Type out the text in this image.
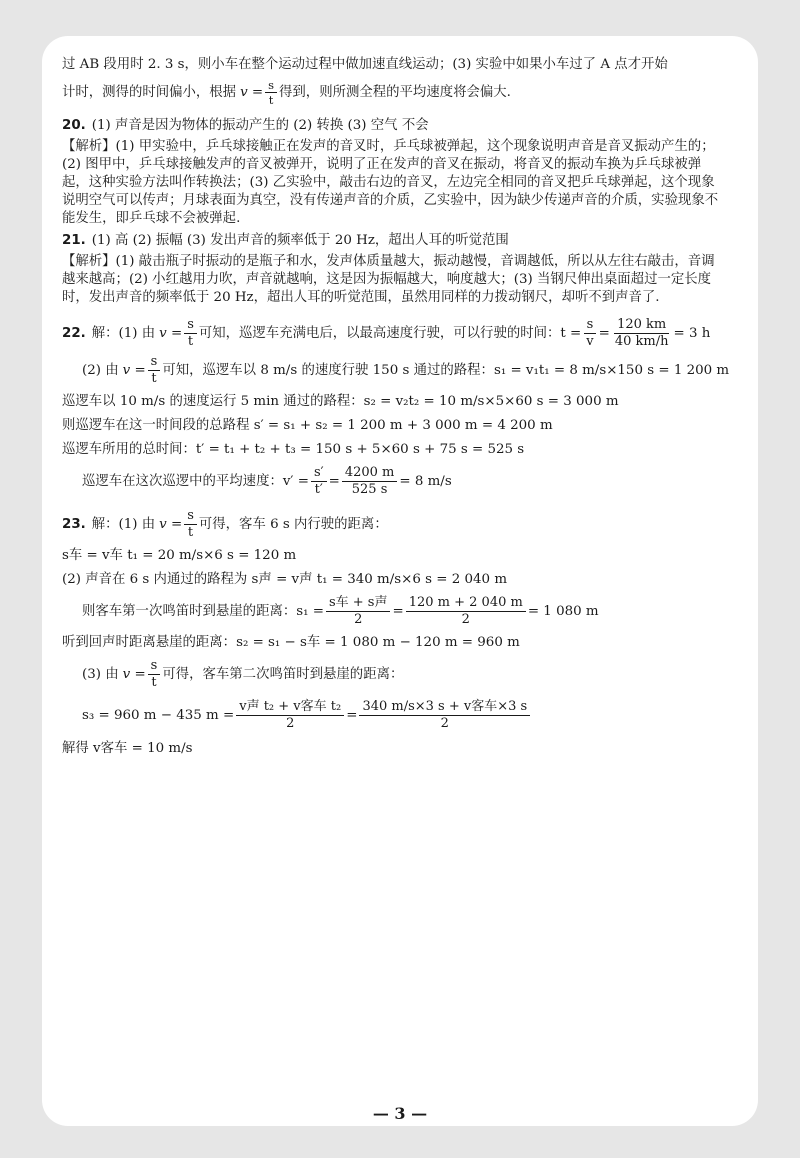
过 AB 段用时 2. 3 s，则小车在整个运动过程中做加速直线运动；(3) 实验中如果小车过了 A 点才开始

计时，测得的时间偏小，根据 $v = \frac{s}{t}$ 得到，则所测全程的平均速度将会偏大.

20. (1) 声音是因为物体的振动产生的 (2) 转换 (3) 空气 不会

【解析】(1) 甲实验中，乒乓球接触正在发声的音叉时，乒乓球被弹起，这个现象说明声音是音叉振动产生的；(2) 图甲中，乒乓球接触发声的音叉被弹开，说明了正在发声的音叉在振动，将音叉的振动车换为乒乓球被弹起，这种实验方法叫作转换法；(3) 乙实验中，敲击右边的音叉，左边完全相同的音叉把乒乓球弹起，这个现象说明空气可以传声；月球表面为真空，没有传递声音的介质，乙实验中，因为缺少传递声音的介质，实验现象不能发生，即乒乓球不会被弹起.

21. (1) 高 (2) 振幅 (3) 发出声音的频率低于 20 Hz，超出人耳的听觉范围

【解析】(1) 敲击瓶子时振动的是瓶子和水，发声体质量越大，振动越慢，音调越低，所以从左往右敲击，音调越来越高；(2) 小红越用力吹，声音就越响，这是因为振幅越大，响度越大；(3) 当钢尺伸出桌面超过一定长度时，发出声音的频率低于 20 Hz，超出人耳的听觉范围，虽然用同样的力拨动钢尺，却听不到声音了.

22. 解：(1) 由 $v = \frac{s}{t}$ 可知，巡逻车充满电后，以最高速度行驶，可以行驶的时间：$t = \frac{s}{v} = \frac{120 km}{40 km/h} = 3$ h
(2) 由 $v = \frac{s}{t}$ 可知，巡逻车以 8 m/s 的速度行驶 150 s 通过的路程：s₁ = v₁t₁ = 8 m/s×150 s = 1 200 m

巡逻车以 10 m/s 的速度运行 5 min 通过的路程：s₂ = v₂t₂ = 10 m/s×5×60 s = 3 000 m

则巡逻车在这一时间段的总路程 s′ = s₁ + s₂ = 1 200 m + 3 000 m = 4 200 m

巡逻车所用的总时间：t′ = t₁ + t₂ + t₃ = 150 s + 5×60 s + 75 s = 525 s

巡逻车在这次巡逻中的平均速度：$v' = \frac{s'}{t'} = \frac{4200 m}{525 s} = 8$ m/s
23. 解：(1) 由 $v = \frac{s}{t}$ 可得，客车 6 s 内行驶的距离：

s车 = v车 t₁ = 20 m/s×6 s = 120 m

(2) 声音在 6 s 内通过的路程为 s声 = v声 t₁ = 340 m/s×6 s = 2 040 m

则客车第一次鸣笛时到悬崖的距离：$s_1 = \frac{\text{s车 + s声}}{2} = \frac{120 m + 2 040 m}{2} = 1$ 080 m

听到回声时距离悬崖的距离：s₂ = s₁ − s车 = 1 080 m − 120 m = 960 m

(3) 由 $v = \frac{s}{t}$ 可得，客车第二次鸣笛时到悬崖的距离：
s₃ = 960 m − 435 $m = \frac{\text{v声 t₂ + v客车 t₂}}{2} = \frac{\text{340 m/s×3 s + v客车×3 s}}{2}$

解得 v客车 = 10 m/s

— 3 —
